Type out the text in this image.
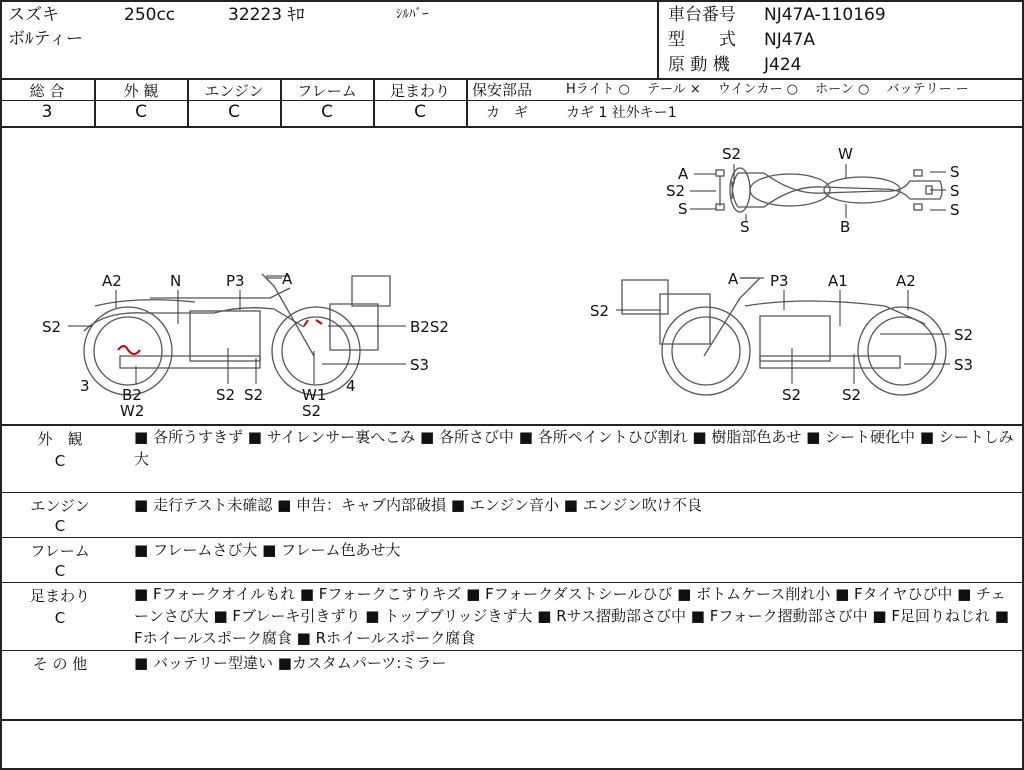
スズキ	250cc	32223 ｷﾛ	ｼﾙﾊﾞｰ
ボﾙティー
車台番号 NJ47A-110169
型　　式 NJ47A
原 動 機 J424
総 合	外 観	エンジン	フレーム	足まわり
3	C	C	C	C
保安部品	Hライト ○　 テール ×　 ウインカー ○　 ホーン ○　 バッテリー ー
カ　ギ	カギ 1 社外キー1
A
S2
S2
S
S
W
S
S
S
B
A2	N	P3 A
S2	B2S2
S3
3 B2
W2
S2 S2	W1
S2
4
A P3	A1	A2
S2
S2
S3
S2	S2
外　観
C
■ 各所うすきず ■ サイレンサー裏へこみ ■ 各所さび中 ■ 各所ペイントひび割れ ■ 樹脂部色あせ ■ シート硬化中 ■ シートしみ大
エンジン
C
■ 走行テスト未確認 ■ 申告：キャブ内部破損 ■ エンジン音小 ■ エンジン吹け不良
フレーム
C
■ フレームさび大 ■ フレーム色あせ大
足まわり
C
■ Fフォークオイルもれ ■ Fフォークこすりキズ ■ Fフォークダストシールひび ■ ボトムケース削れ小 ■ Fタイヤひび中 ■ チェーンさび大 ■ Fブレーキ引きずり ■ トップブリッジきず大 ■ Rサス摺動部さび中 ■ Fフォーク摺動部さび中 ■ F足回りねじれ ■ Fホイールスポーク腐食 ■ Rホイールスポーク腐食
そ の 他	■ バッテリー型違い ■カスタムパーツ:ミラー
